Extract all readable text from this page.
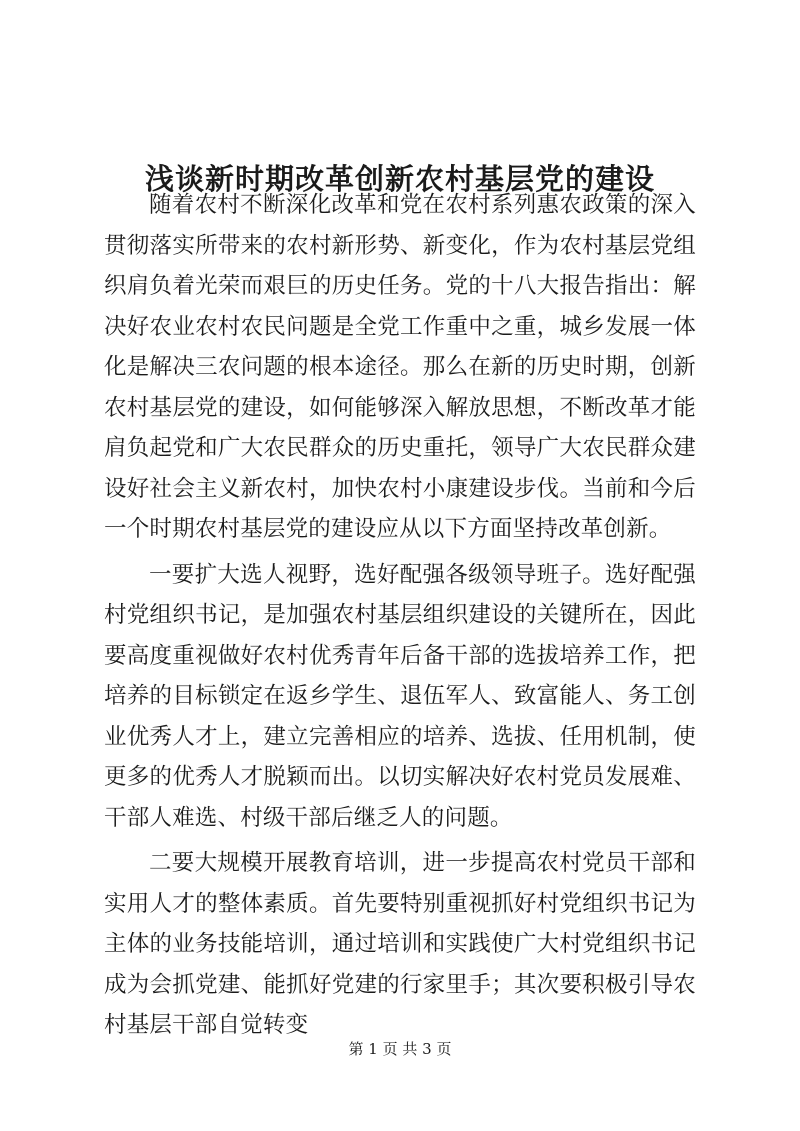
浅谈新时期改革创新农村基层党的建设

随着农村不断深化改革和党在农村系列惠农政策的深入贯彻落实所带来的农村新形势、新变化，作为农村基层党组织肩负着光荣而艰巨的历史任务。党的十八大报告指出：解决好农业农村农民问题是全党工作重中之重，城乡发展一体化是解决三农问题的根本途径。那么在新的历史时期，创新农村基层党的建设，如何能够深入解放思想，不断改革才能肩负起党和广大农民群众的历史重托，领导广大农民群众建设好社会主义新农村，加快农村小康建设步伐。当前和今后一个时期农村基层党的建设应从以下方面坚持改革创新。

一要扩大选人视野，选好配强各级领导班子。选好配强村党组织书记，是加强农村基层组织建设的关键所在，因此要高度重视做好农村优秀青年后备干部的选拔培养工作，把培养的目标锁定在返乡学生、退伍军人、致富能人、务工创业优秀人才上，建立完善相应的培养、选拔、任用机制，使更多的优秀人才脱颖而出。以切实解决好农村党员发展难、干部人难选、村级干部后继乏人的问题。

二要大规模开展教育培训，进一步提高农村党员干部和实用人才的整体素质。首先要特别重视抓好村党组织书记为主体的业务技能培训，通过培训和实践使广大村党组织书记成为会抓党建、能抓好党建的行家里手；其次要积极引导农村基层干部自觉转变

第 1 页 共 3 页
